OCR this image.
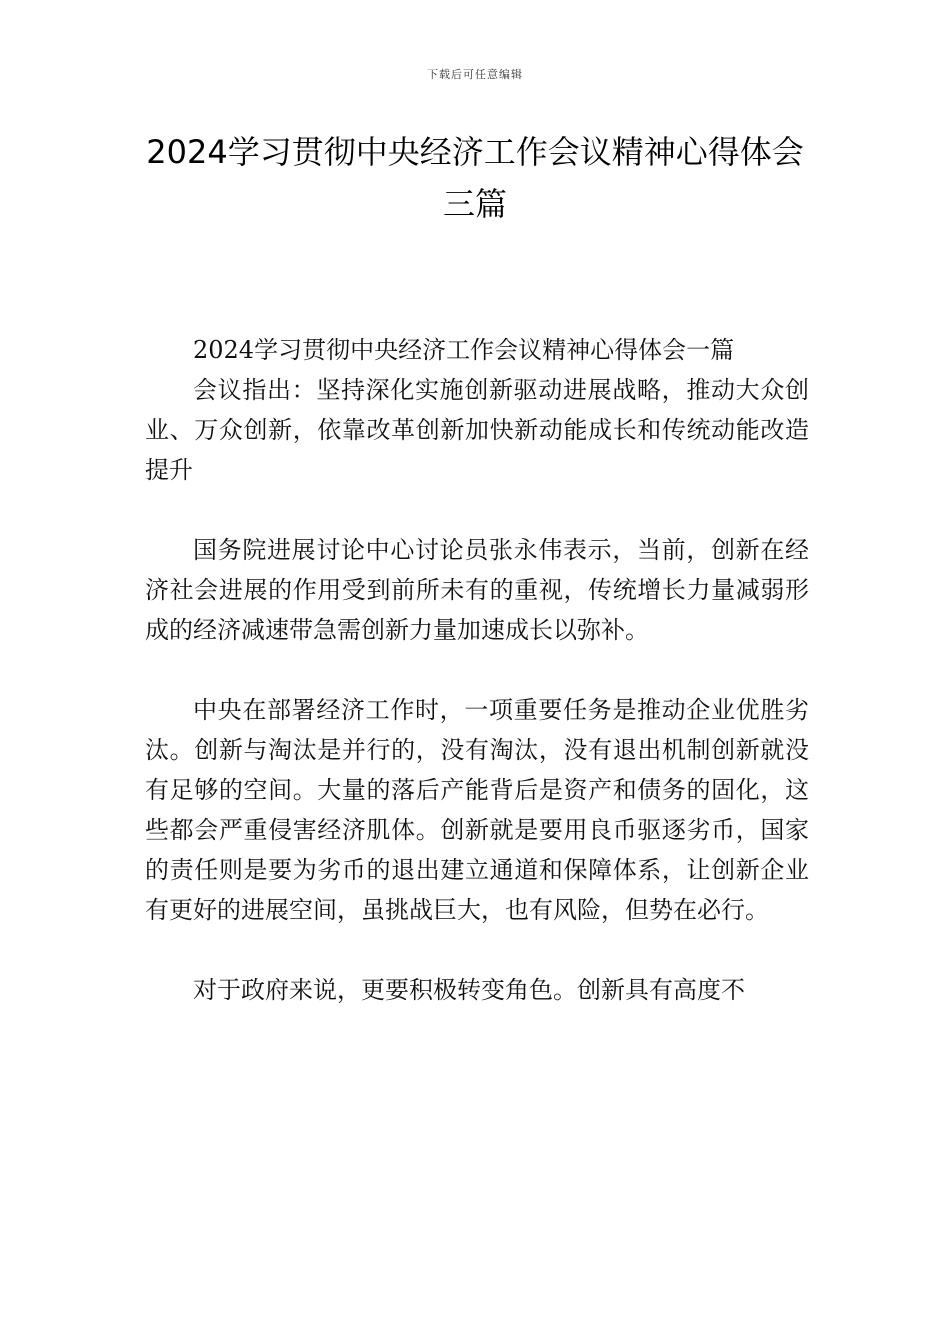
下载后可任意编辑
2024学习贯彻中央经济工作会议精神心得体会三篇

2024学习贯彻中央经济工作会议精神心得体会一篇

会议指出：坚持深化实施创新驱动进展战略，推动大众创业、万众创新，依靠改革创新加快新动能成长和传统动能改造提升

国务院进展讨论中心讨论员张永伟表示，当前，创新在经济社会进展的作用受到前所未有的重视，传统增长力量减弱形成的经济减速带急需创新力量加速成长以弥补。

中央在部署经济工作时，一项重要任务是推动企业优胜劣汰。创新与淘汰是并行的，没有淘汰，没有退出机制创新就没有足够的空间。大量的落后产能背后是资产和债务的固化，这些都会严重侵害经济肌体。创新就是要用良币驱逐劣币，国家的责任则是要为劣币的退出建立通道和保障体系，让创新企业有更好的进展空间，虽挑战巨大，也有风险，但势在必行。

对于政府来说，更要积极转变角色。创新具有高度不
